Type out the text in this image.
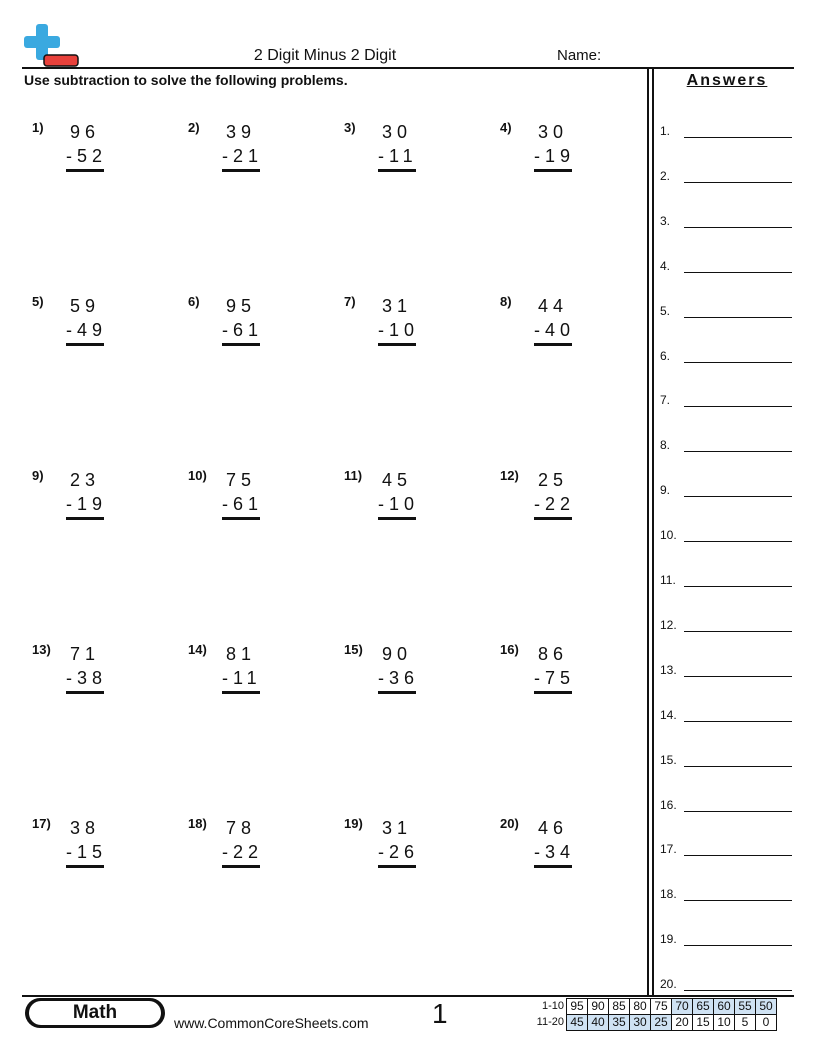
2 Digit Minus 2 Digit	Name:
Use subtraction to solve the following problems.	Answers
1.
2.
3.
4.
5.
6.
7.
8.
9.
10.
11.
12.
13.
14.
15.
16.
17.
18.
19.
20.
1) 96
-52
2) 39
-21
3) 30
-11
4) 30
-19
5) 59
-49
6) 95
-61
7) 31
-10
8) 44
-40
9) 23
-19
10) 75
-61
11) 45
-10
12) 25
-22
13) 71
-38
14) 81
-11
15) 90
-36
16) 86
-75
17) 38
-15
18) 78
-22
19) 31
-26
20) 46
-34
Math	www.CommonCoreSheets.com 1	1-10	95	90	85	80	75	70	65	60	55	50
11-20	45	40	35	30	25	20	15	10	5	0
